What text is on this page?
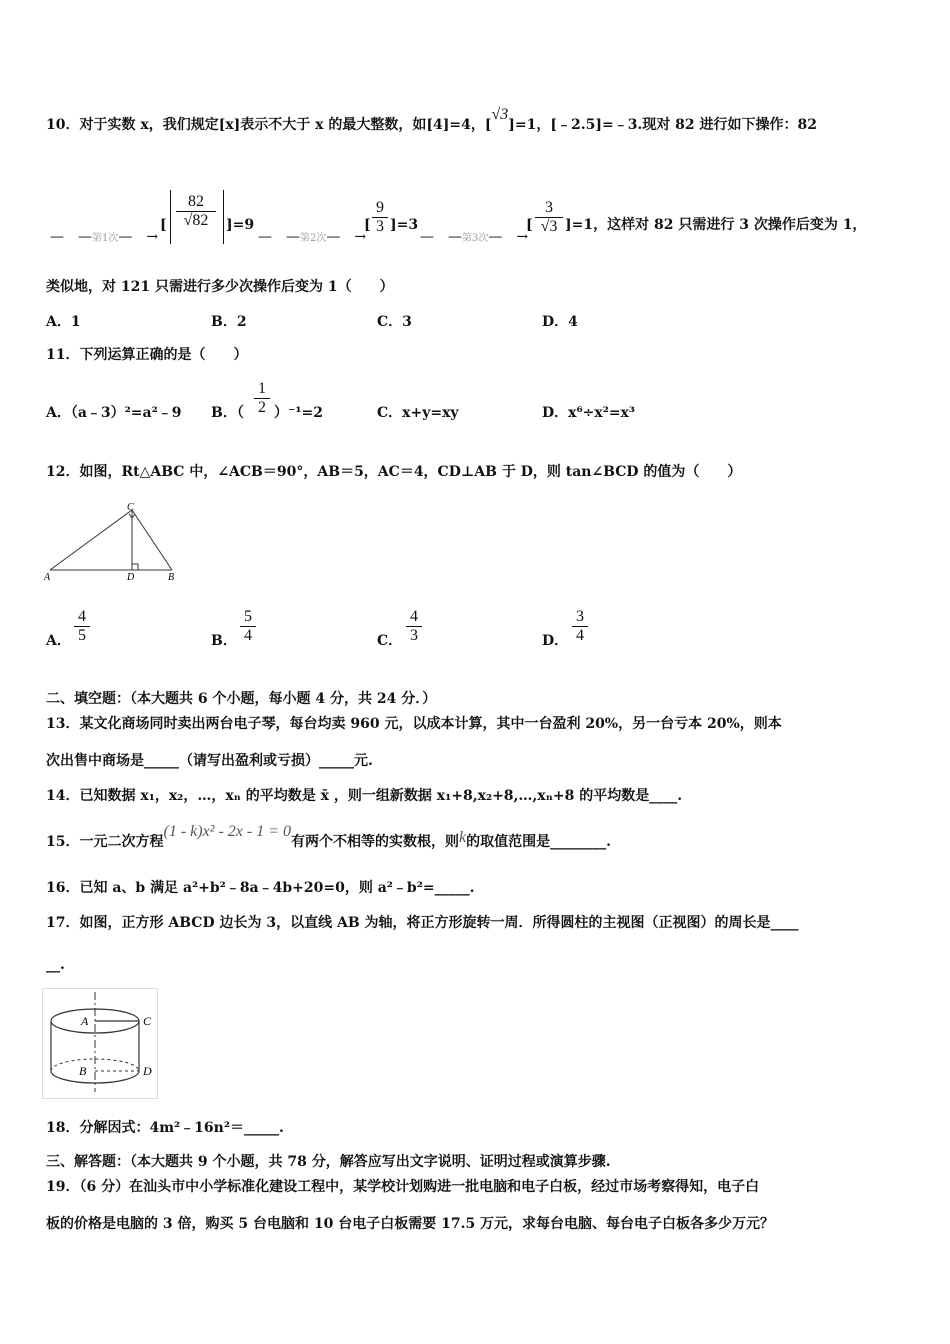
10．对于实数 x，我们规定[x]表示不大于 x 的最大整数，如[4]=4，[√3]=1，[﹣2.5]=﹣3.现对 82 进行如下操作：82
—　—第1次—　→
[
82
√82	]=9
—　—第2次—　→
[
9
3 ]=3
—　—第3次—　→
[
3
√3 ]=1，这样对 82 只需进行 3 次操作后变为 1，
类似地，对 121 只需进行多少次操作后变为 1（　　）
A．1	B．2	C．3	D．4
11．下列运算正确的是（　　）
A．（a﹣3）²=a²﹣9 B．（
1
2 ）⁻¹=2	C．x+y=xy	D．x⁶÷x²=x³
12．如图，Rt△ABC 中，∠ACB＝90°，AB＝5，AC＝4，CD⊥AB 于 D，则 tan∠BCD 的值为（　　）
A	D	B
C
A．
4
5	B．
5
4	C．
4
3	D．
3
4
二、填空题：（本大题共 6 个小题，每小题 4 分，共 24 分．）
13．某文化商场同时卖出两台电子琴，每台均卖 960 元，以成本计算，其中一台盈利 20%，另一台亏本 20%，则本
次出售中商场是_____（请写出盈利或亏损）_____元.
14．已知数据 x₁，x₂，…，xₙ 的平均数是 x̄ ，则一组新数据 x₁+8,x₂+8,…,xₙ+8 的平均数是____.
15．一元二次方程(1 - k)x² - 2x - 1 = 0有两个不相等的实数根，则k的取值范围是________.
16．已知 a、b 满足 a²+b²﹣8a﹣4b+20=0，则 a²﹣b²=_____.
17．如图，正方形 ABCD 边长为 3，以直线 AB 为轴，将正方形旋转一周．所得圆柱的主视图（正视图）的周长是____
__.
A	C
B	D
18．分解因式：4m²﹣16n²＝_____.
三、解答题：（本大题共 9 个小题，共 78 分，解答应写出文字说明、证明过程或演算步骤.
19．（6 分）在汕头市中小学标准化建设工程中，某学校计划购进一批电脑和电子白板，经过市场考察得知，电子白
板的价格是电脑的 3 倍，购买 5 台电脑和 10 台电子白板需要 17.5 万元，求每台电脑、每台电子白板各多少万元？
